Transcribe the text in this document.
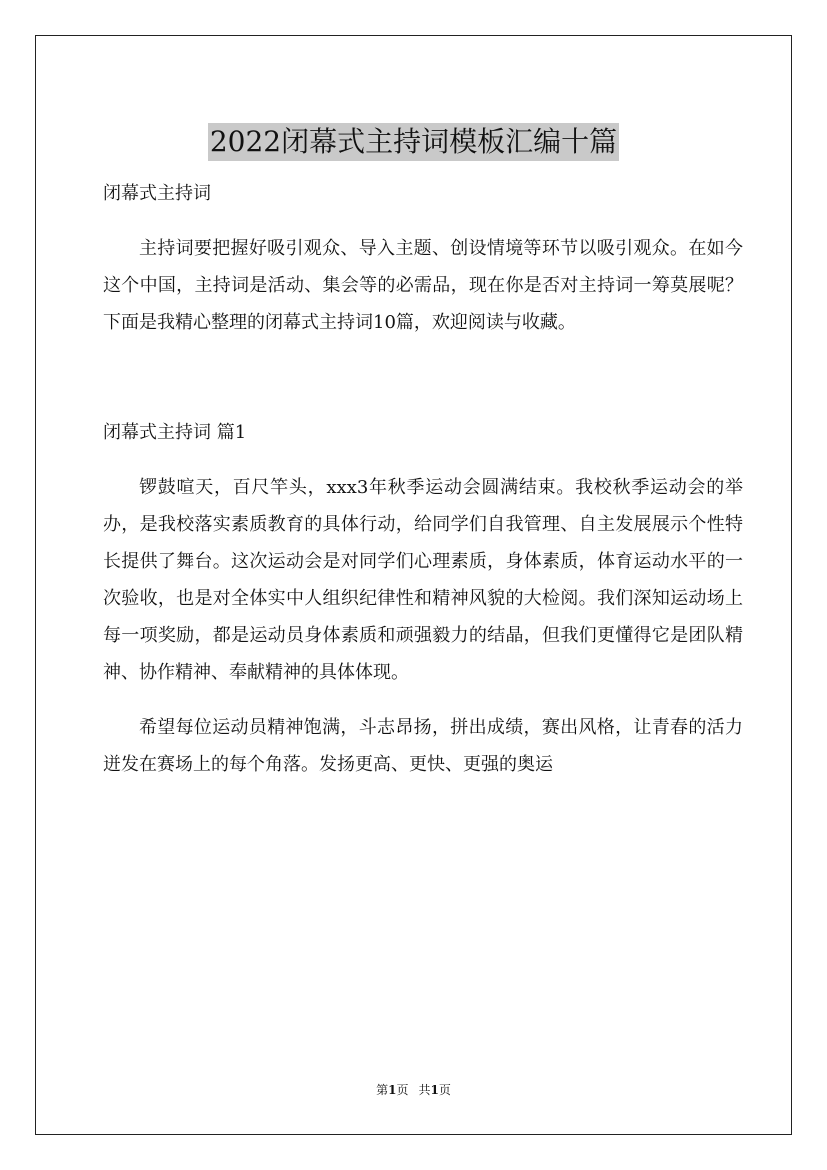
2022闭幕式主持词模板汇编十篇

闭幕式主持词

主持词要把握好吸引观众、导入主题、创设情境等环节以吸引观众。在如今这个中国，主持词是活动、集会等的必需品，现在你是否对主持词一筹莫展呢？下面是我精心整理的闭幕式主持词10篇，欢迎阅读与收藏。

闭幕式主持词 篇1

锣鼓喧天，百尺竿头，xxx3年秋季运动会圆满结束。我校秋季运动会的举办，是我校落实素质教育的具体行动，给同学们自我管理、自主发展展示个性特长提供了舞台。这次运动会是对同学们心理素质，身体素质，体育运动水平的一次验收，也是对全体实中人组织纪律性和精神风貌的大检阅。我们深知运动场上每一项奖励，都是运动员身体素质和顽强毅力的结晶，但我们更懂得它是团队精神、协作精神、奉献精神的具体体现。

希望每位运动员精神饱满，斗志昂扬，拼出成绩，赛出风格，让青春的活力迸发在赛场上的每个角落。发扬更高、更快、更强的奥运

第1页 共1页
